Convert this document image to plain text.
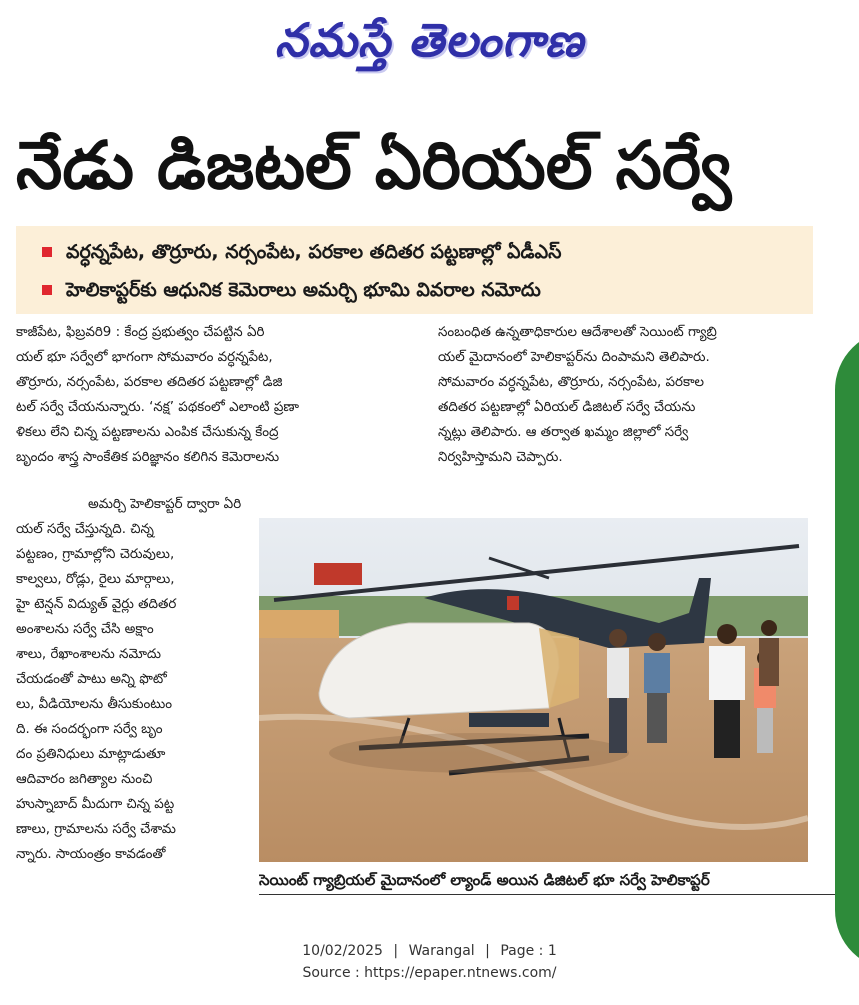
నమస్తే తెలంగాణ
నేడు డిజటల్ ఏరియల్ సర్వే
వర్ధన్నపేట, తొర్రూరు, నర్సంపేట, పరకాల తదితర పట్టణాల్లో ఏడీఎస్
హెలికాప్టర్‌కు ఆధునిక కెమెరాలు అమర్చి భూమి వివరాల నమోదు
కాజీపేట, ఫిబ్రవరి9 : కేంద్ర ప్రభుత్వం చేపట్టిన ఏరి
యల్ భూ సర్వేలో భాగంగా సోమవారం వర్ధన్నపేట,
తొర్రూరు, నర్సంపేట, పరకాల తదితర పట్టణాల్లో డిజి
టల్ సర్వే చేయనున్నారు. ‘నక్ష’ పథకంలో ఎలాంటి ప్రణా
ళికలు లేని చిన్న పట్టణాలను ఎంపిక చేసుకున్న కేంద్ర
బృందం శాస్త్ర సాంకేతిక పరిజ్ఞానం కలిగిన కెమెరాలను
అమర్చి హెలికాప్టర్ ద్వారా ఏరి
యల్ సర్వే చేస్తున్నది. చిన్న
పట్టణం, గ్రామాల్లోని చెరువులు,
కాల్వలు, రోడ్లు, రైలు మార్గాలు,
హై టెన్షన్ విద్యుత్ వైర్లు తదితర
అంశాలను సర్వే చేసి అక్షాం
శాలు, రేఖాంశాలను నమోదు
చేయడంతో పాటు అన్ని ఫొటో
లు, వీడియోలను తీసుకుంటుం
ది. ఈ సందర్భంగా సర్వే బృం
దం ప్రతినిధులు మాట్లాడుతూ
ఆదివారం జగిత్యాల నుంచి
హుస్నాబాద్ మీదుగా చిన్న పట్ట
ణాలు, గ్రామాలను సర్వే చేశామ
న్నారు. సాయంత్రం కావడంతో
సంబంధిత ఉన్నతాధికారుల ఆదేశాలతో సెయింట్ గ్యాబ్రి
యల్ మైదానంలో హెలికాప్టర్‌ను దింపామని తెలిపారు.
సోమవారం వర్ధన్నపేట, తొర్రూరు, నర్సంపేట, పరకాల
తదితర పట్టణాల్లో ఏరియల్ డిజిటల్ సర్వే చేయను
న్నట్లు తెలిపారు. ఆ తర్వాత ఖమ్మం జిల్లాలో సర్వే
నిర్వహిస్తామని చెప్పారు.
సెయింట్ గ్యాబ్రియల్ మైదానంలో ల్యాండ్ అయిన డిజిటల్ భూ సర్వే హెలికాప్టర్
10/02/2025 | Warangal | Page : 1
Source : https://epaper.ntnews.com/
